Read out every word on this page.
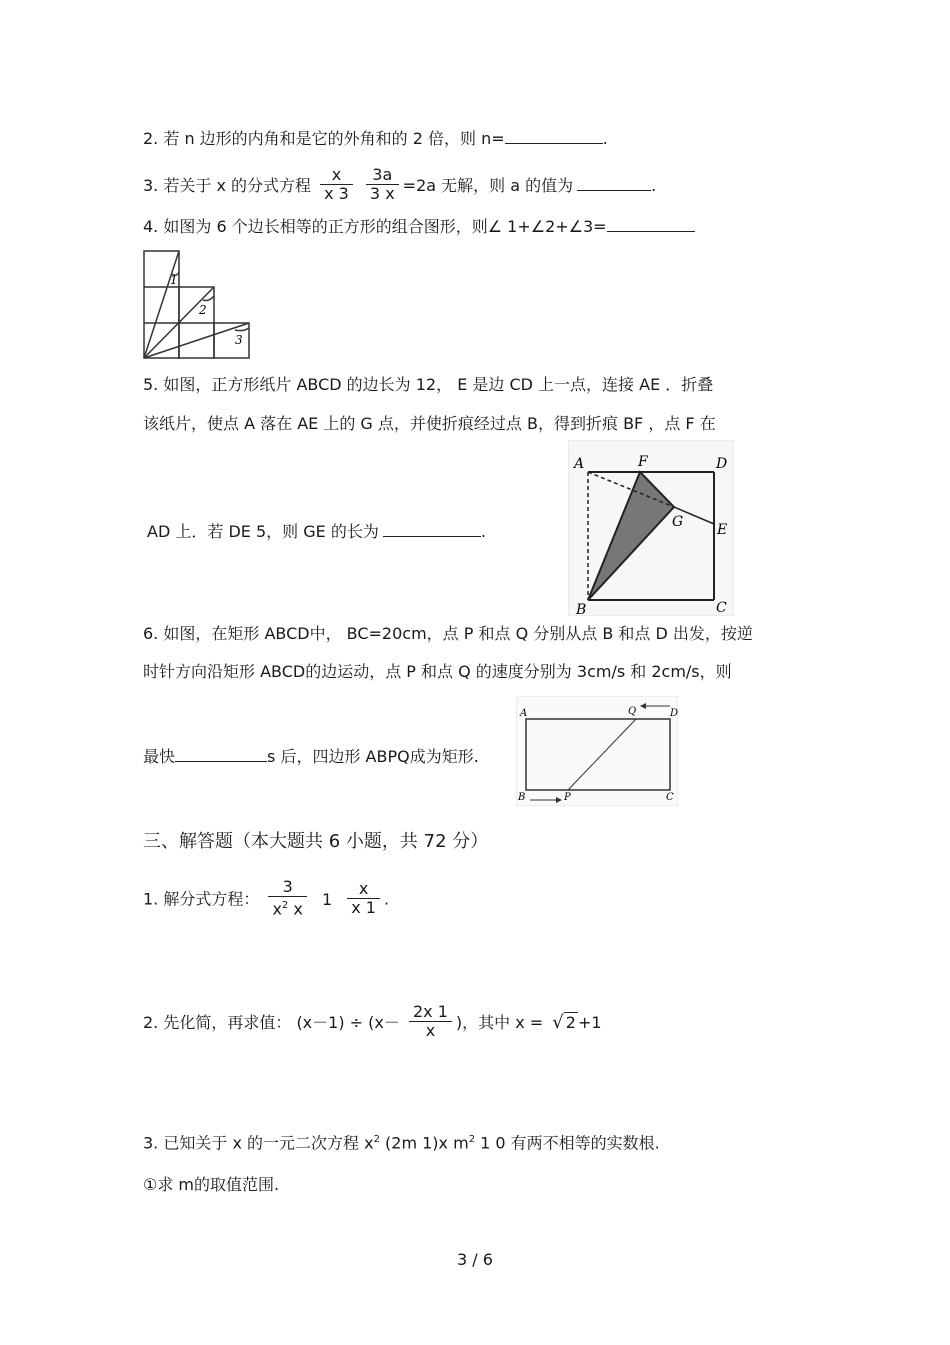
2. 若 n 边形的内角和是它的外角和的 2 倍，则 n=	.
3. 若关于 x 的分式方程 $\frac{x}{x 3}$
$\frac{3a}{3 x} =2a$ 无解，则 a 的值为	.
4. 如图为 6 个边长相等的正方形的组合图形，则∠ 1+∠2+∠3=
1
2
3
5. 如图，正方形纸片 ABCD 的边长为 12， E 是边 CD 上一点，连接 AE ．折叠
该纸片，使点 A 落在 AE 上的 G 点，并使折痕经过点 B，得到折痕 BF ，点 F 在
AD 上．若 DE 5，则 GE 的长为	.
A	F	D
G E
B	C
6. 如图，在矩形 ABCD中， BC=20cm，点 P 和点 Q 分别从点 B 和点 D 出发，按逆
时针方向沿矩形 ABCD的边运动，点 P 和点 Q 的速度分别为 3cm/s 和 2cm/s，则
最快	s 后，四边形 ABPQ成为矩形.
A	Q	D
B	P	C
三、解答题（本大题共 6 小题，共 72 分）
1. 解分式方程： $\frac{3}{x^2 x} 1 \frac{x}{x 1}$ .
2. 先化简，再求值： $(x-1) \div (x- \frac{2x 1}{x}$ )，其中 x = √ 2 +1
3. 已知关于 x 的一元二次方程 $x^2$ (2m 1)x $m^2$ 1 0 有两不相等的实数根.
①求 m的取值范围.
3 / 6
